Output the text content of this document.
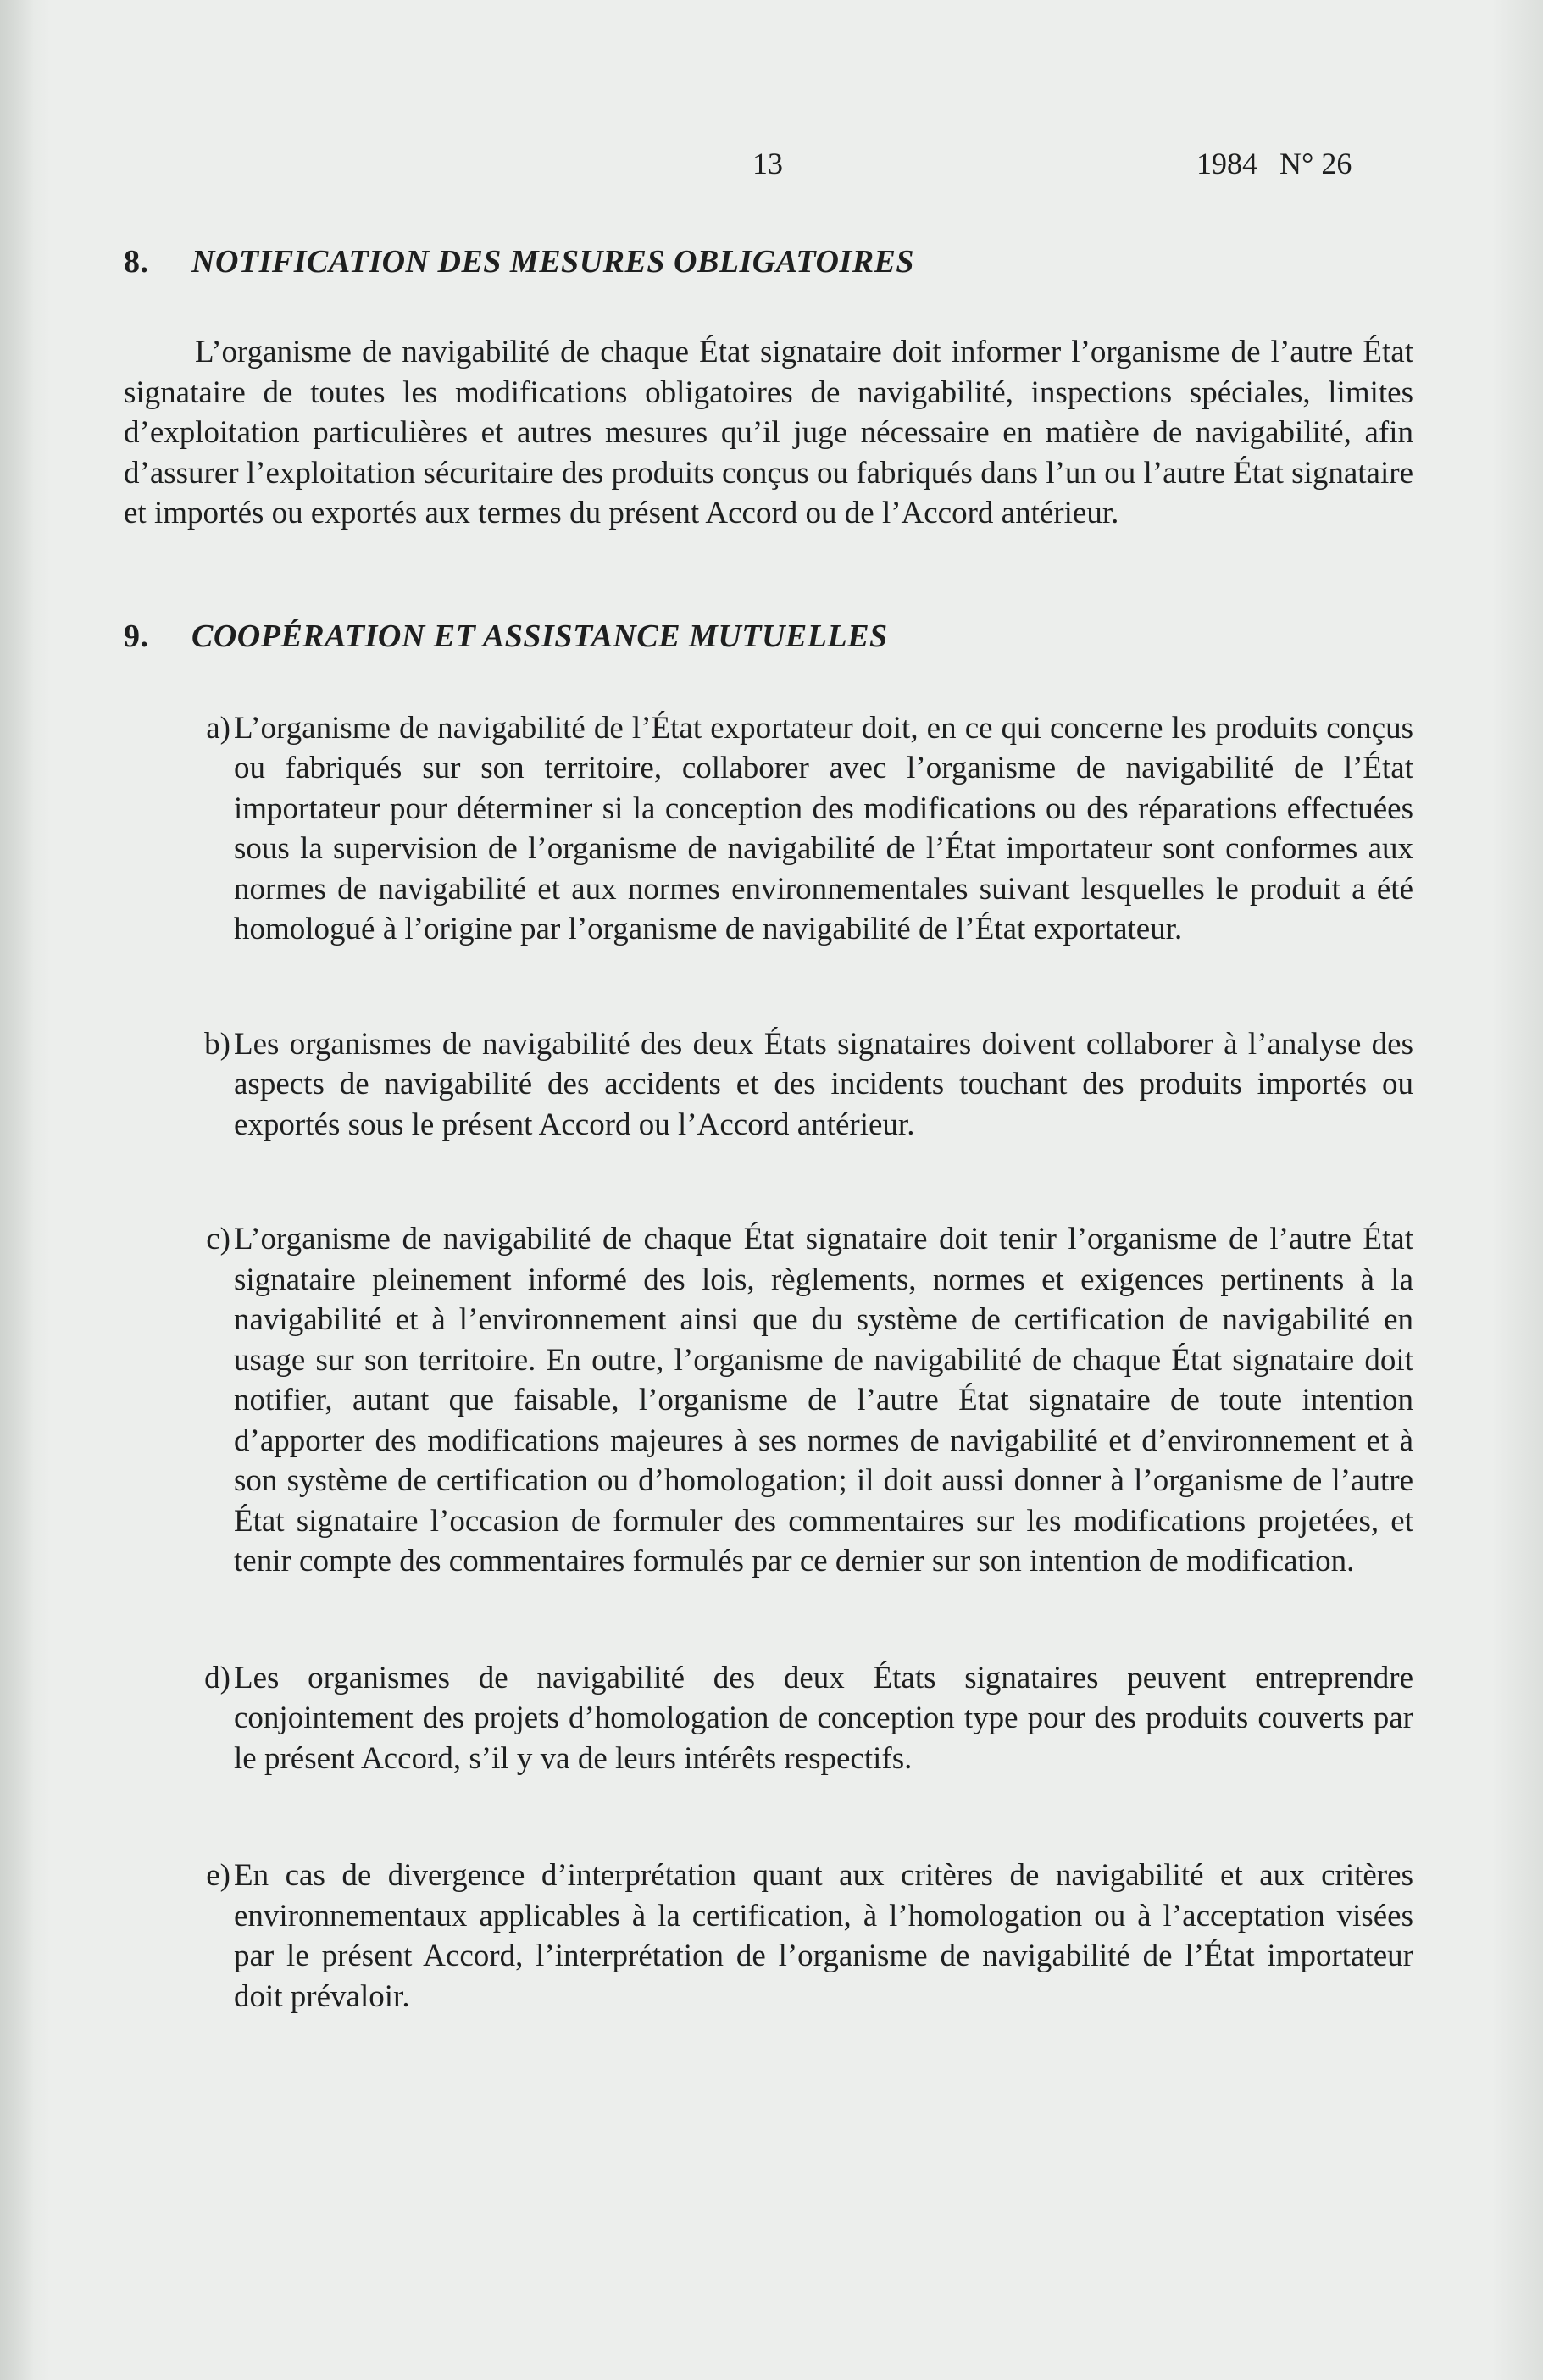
13	1984 N° 26
8. NOTIFICATION DES MESURES OBLIGATOIRES

L’organisme de navigabilité de chaque État signataire doit informer l’organisme de l’autre État signataire de toutes les modifications obligatoires de navigabilité, inspections spéciales, limites d’exploitation particulières et autres mesures qu’il juge nécessaire en matière de navigabilité, afin d’assurer l’exploitation sécuritaire des produits conçus ou fabriqués dans l’un ou l’autre État signataire et importés ou exportés aux termes du présent Accord ou de l’Accord antérieur.

9. COOPÉRATION ET ASSISTANCE MUTUELLES
a) L’organisme de navigabilité de l’État exportateur doit, en ce qui concerne les produits conçus ou fabriqués sur son territoire, collaborer avec l’organisme de navigabilité de l’État importateur pour déterminer si la conception des modifications ou des réparations effectuées sous la supervision de l’organisme de navigabilité de l’État importateur sont conformes aux normes de navigabilité et aux normes environnementales suivant lesquelles le produit a été homologué à l’origine par l’organisme de navigabilité de l’État exportateur.
b) Les organismes de navigabilité des deux États signataires doivent collaborer à l’analyse des aspects de navigabilité des accidents et des incidents touchant des produits importés ou exportés sous le présent Accord ou l’Accord antérieur.
c) L’organisme de navigabilité de chaque État signataire doit tenir l’organisme de l’autre État signataire pleinement informé des lois, règlements, normes et exigences pertinents à la navigabilité et à l’environnement ainsi que du système de certification de navigabilité en usage sur son territoire. En outre, l’organisme de navigabilité de chaque État signataire doit notifier, autant que faisable, l’organisme de l’autre État signataire de toute intention d’apporter des modifications majeures à ses normes de navigabilité et d’environnement et à son système de certification ou d’homologation; il doit aussi donner à l’organisme de l’autre État signataire l’occasion de formuler des commentaires sur les modifications projetées, et tenir compte des commentaires formulés par ce dernier sur son intention de modification.
d) Les organismes de navigabilité des deux États signataires peuvent entreprendre conjointement des projets d’homologation de conception type pour des produits couverts par le présent Accord, s’il y va de leurs intérêts respectifs.
e) En cas de divergence d’interprétation quant aux critères de navigabilité et aux critères environnementaux applicables à la certification, à l’homologation ou à l’acceptation visées par le présent Accord, l’interprétation de l’organisme de navigabilité de l’État importateur doit prévaloir.
